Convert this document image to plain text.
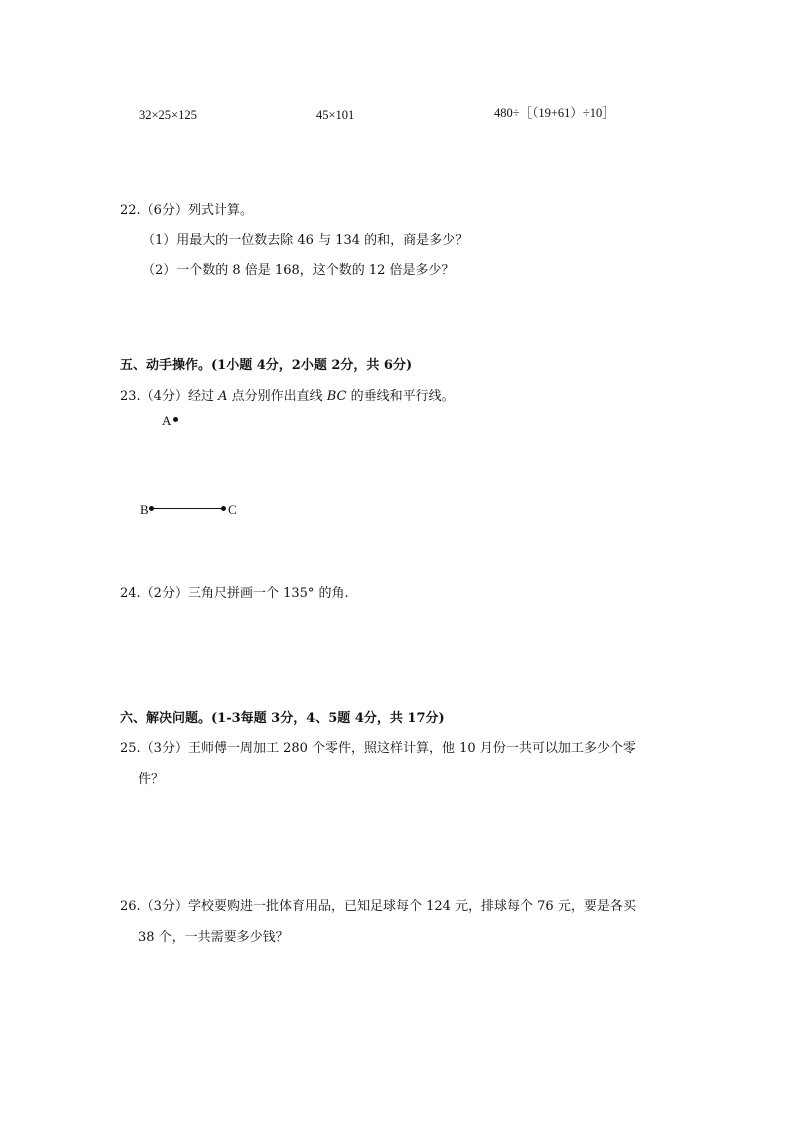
32×25×125	45×101	480÷［（19+61）÷10］
22.（6分）列式计算。
（1）用最大的一位数去除 46 与 134 的和，商是多少？
（2）一个数的 8 倍是 168，这个数的 12 倍是多少？
五、动手操作。(1小题 4分，2小题 2分，共 6分)
23.（4分）经过 A 点分别作出直线 BC 的垂线和平行线。
A
B	C
24.（2分）三角尺拼画一个 135° 的角.
六、解决问题。(1-3每题 3分，4、5题 4分，共 17分)
25.（3分）王师傅一周加工 280 个零件，照这样计算，他 10 月份一共可以加工多少个零
件？
26.（3分）学校要购进一批体育用品，已知足球每个 124 元，排球每个 76 元，要是各买
38 个，一共需要多少钱？
